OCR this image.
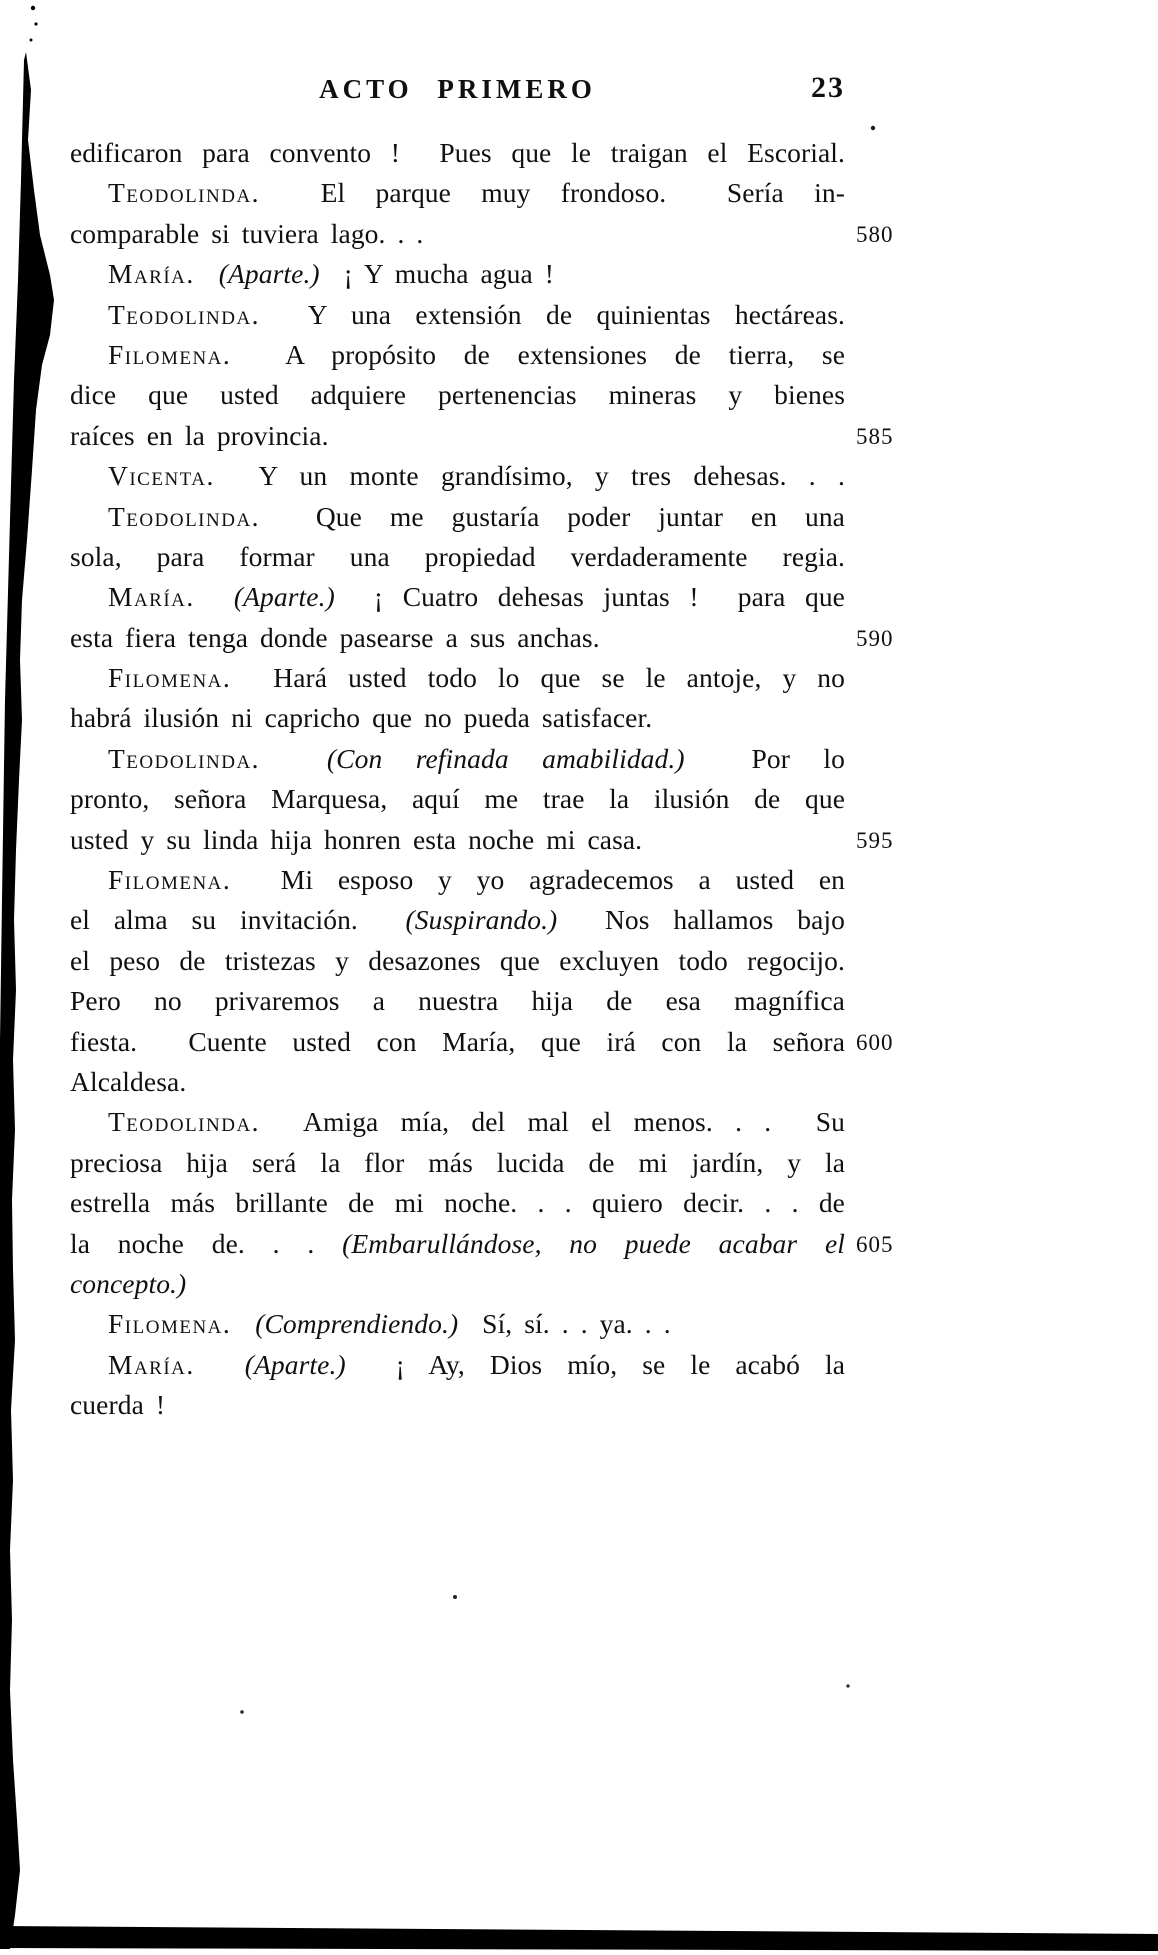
ACTO PRIMERO	23
edificaron para convento !  Pues que le traigan el Escorial.
Teodolinda.  El parque muy frondoso.  Sería in-
comparable si tuviera lago. . .	580
María. (Aparte.)  ¡ Y mucha agua !
Teodolinda.  Y una extensión de quinientas hectáreas.
Filomena.  A propósito de extensiones de tierra, se
dice que usted adquiere pertenencias mineras y bienes
raíces en la provincia.	585
Vicenta.  Y un monte grandísimo, y tres dehesas. . .
Teodolinda.  Que me gustaría poder juntar en una
sola, para formar una propiedad verdaderamente regia.
María. (Aparte.)  ¡ Cuatro dehesas juntas !  para que
esta fiera tenga donde pasearse a sus anchas.	590
Filomena.  Hará usted todo lo que se le antoje, y no
habrá ilusión ni capricho que no pueda satisfacer.
Teodolinda. (Con refinada amabilidad.)  Por lo
pronto, señora Marquesa, aquí me trae la ilusión de que
usted y su linda hija honren esta noche mi casa.	595
Filomena.  Mi esposo y yo agradecemos a usted en
el alma su invitación.  (Suspirando.)  Nos hallamos bajo
el peso de tristezas y desazones que excluyen todo regocijo.
Pero no privaremos a nuestra hija de esa magnífica
fiesta.  Cuente usted con María, que irá con la señora 600
Alcaldesa.
Teodolinda.  Amiga mía, del mal el menos. . .  Su
preciosa hija será la flor más lucida de mi jardín, y la
estrella más brillante de mi noche. . . quiero decir. . . de
la noche de. . . (Embarullándose, no puede acabar el 605
concepto.)
Filomena. (Comprendiendo.)  Sí, sí. . . ya. . .
María. (Aparte.)  ¡ Ay, Dios mío, se le acabó la
cuerda !
